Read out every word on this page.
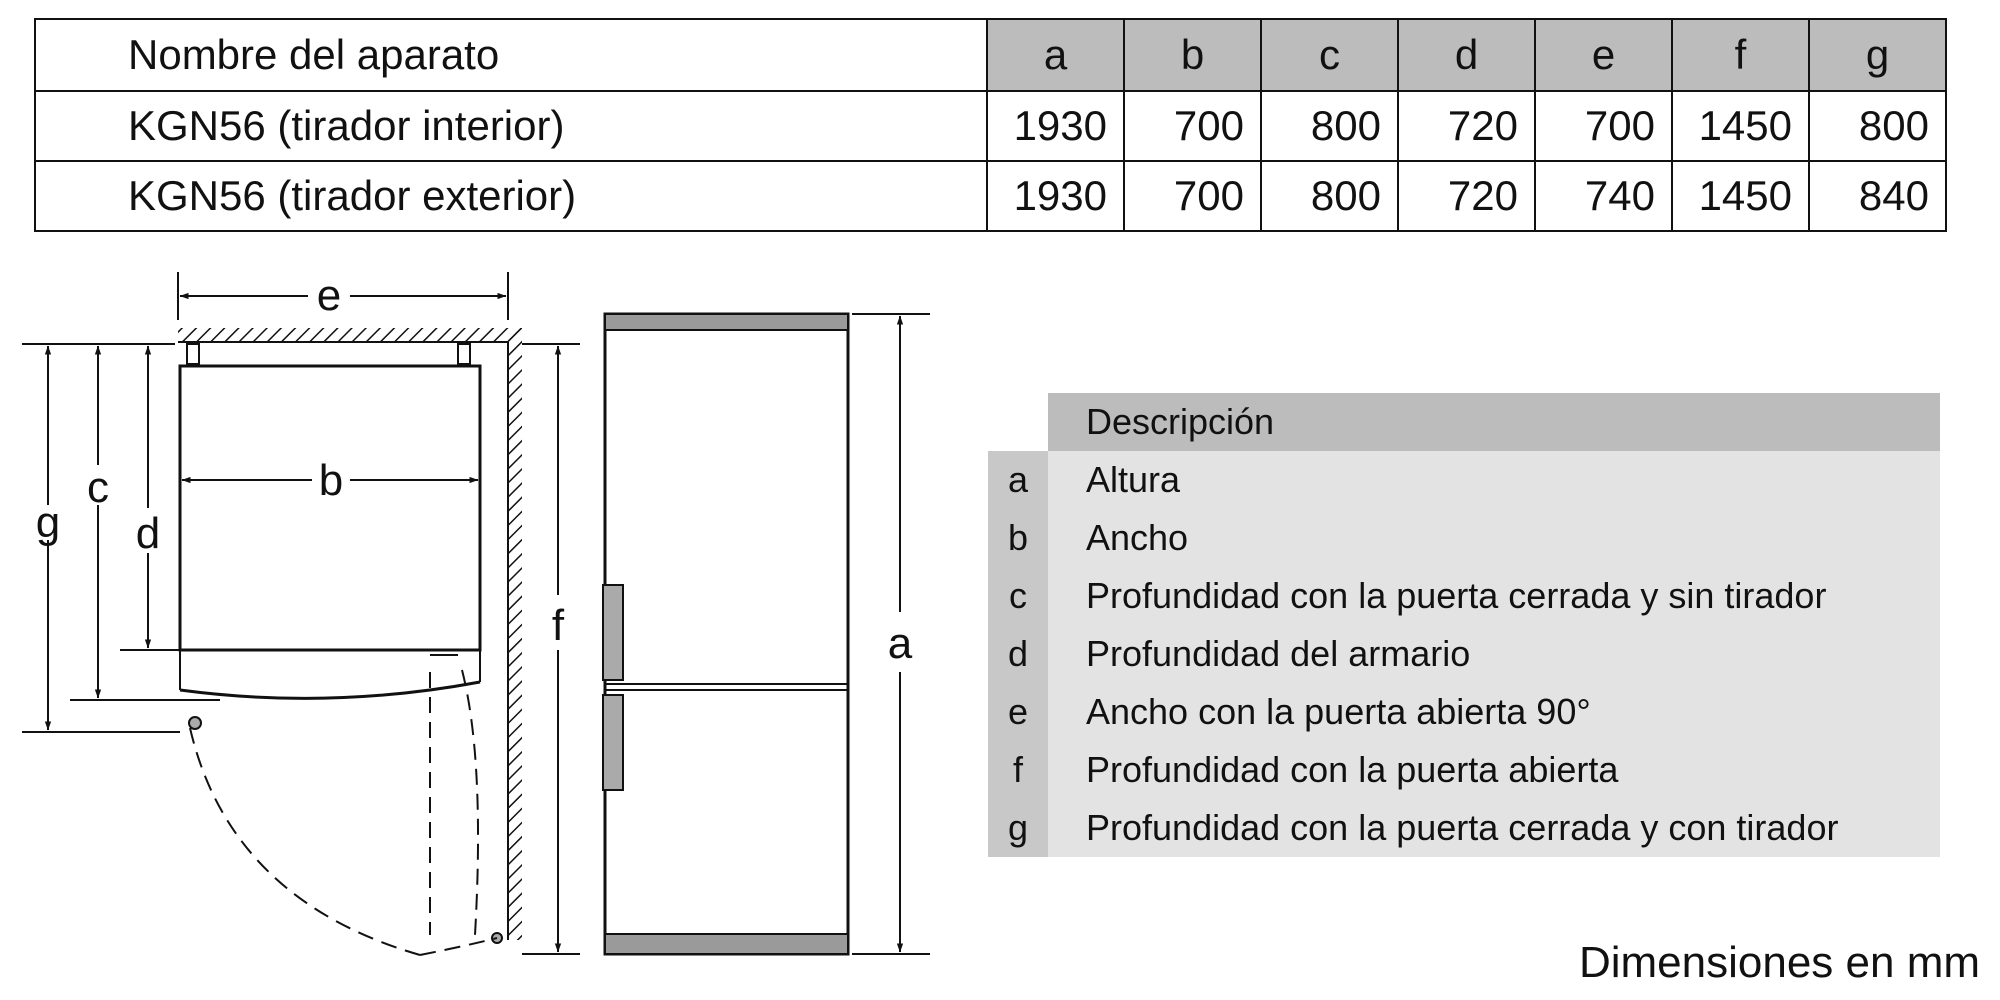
Nombre del aparato	a	b	c	d	e	f	g
KGN56 (tirador interior)	1930	700	800	720	700	1450	800
KGN56 (tirador exterior)	1930	700	800	720	740	1450	840
e
b
g
c
d
f	a
Descripción
a	Altura
b	Ancho
c	Profundidad con la puerta cerrada y sin tirador
d	Profundidad del armario
e	Ancho con la puerta abierta 90°
f	Profundidad con la puerta abierta
g	Profundidad con la puerta cerrada y con tirador
Dimensiones en mm
